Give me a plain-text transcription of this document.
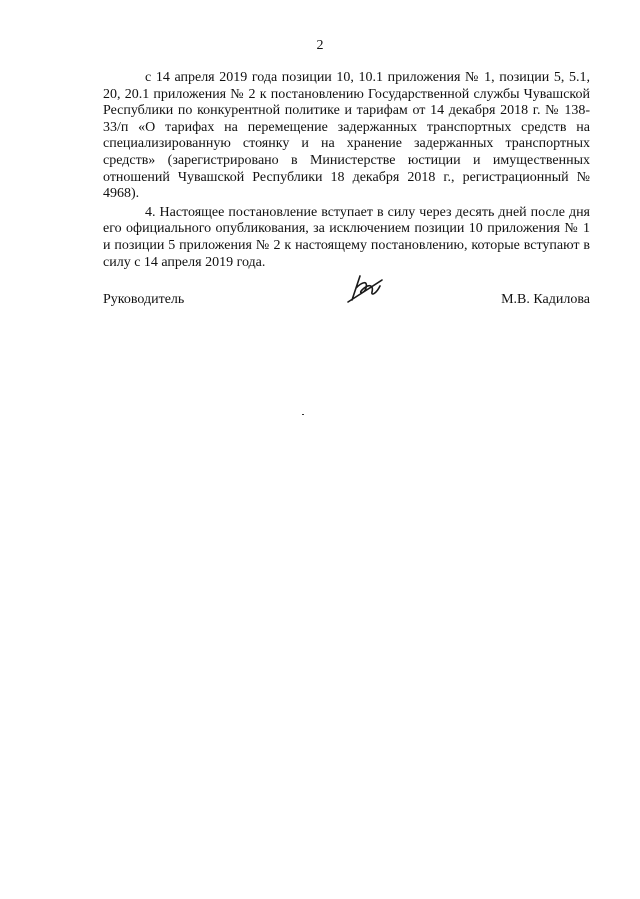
2

с 14 апреля 2019 года позиции 10, 10.1 приложения № 1, позиции 5, 5.1, 20, 20.1 приложения № 2 к постановлению Государственной службы Чувашской Республики по конкурентной политике и тарифам от 14 декабря 2018 г. № 138-33/п «О тарифах на перемещение задержанных транспортных средств на специализированную стоянку и на хранение задержанных транспортных средств» (зарегистрировано в Министерстве юстиции и имущественных отношений Чувашской Республики 18 декабря 2018 г., регистрационный № 4968).

4. Настоящее постановление вступает в силу через десять дней после дня его официального опубликования, за исключением позиции 10 приложения № 1 и позиции 5 приложения № 2 к настоящему постановлению, которые вступают в силу с 14 апреля 2019 года.

Руководитель	М.В. Кадилова
